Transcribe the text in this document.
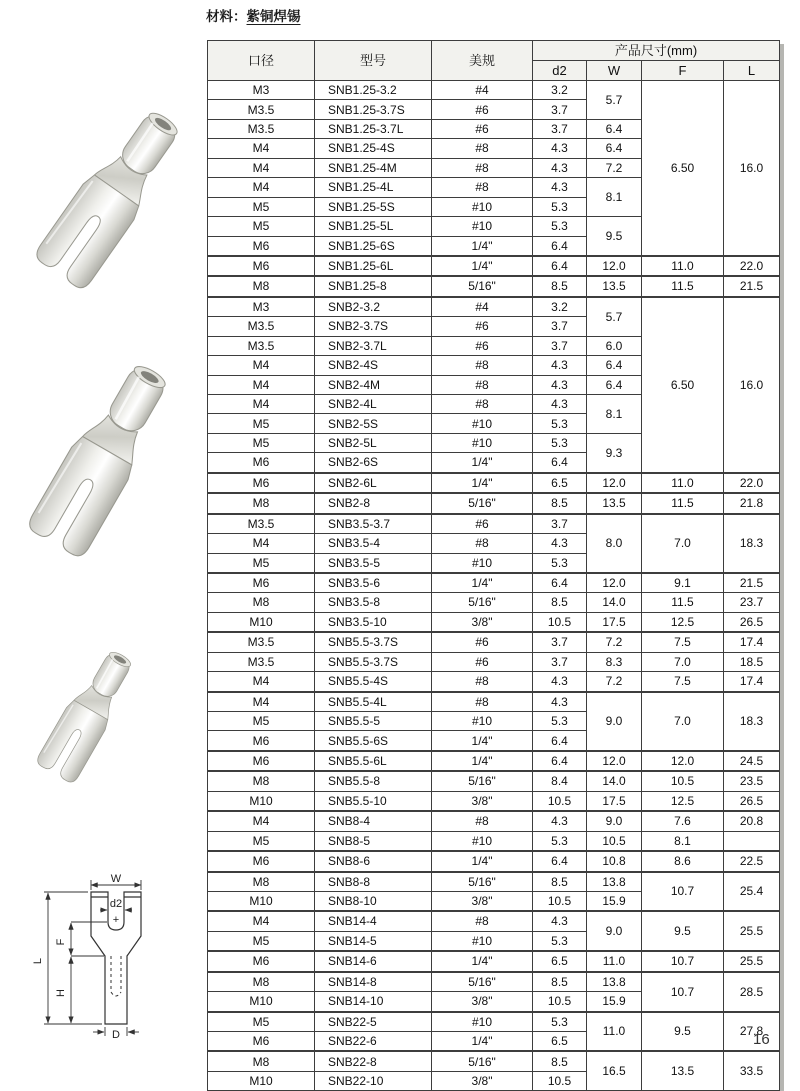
材料：紫铜焊锡
W
d2
+
L
F
H
D
口径	型号	美规	产品尺寸(mm)			
			d2	W	F	L
M3	SNB1.25-3.2	#4	3.2	5.7	6.50	16.0
M3.5	SNB1.25-3.7S	#6	3.7			
M3.5	SNB1.25-3.7L	#6	3.7	6.4		
M4	SNB1.25-4S	#8	4.3	6.4		
M4	SNB1.25-4M	#8	4.3	7.2		
M4	SNB1.25-4L	#8	4.3	8.1		
M5	SNB1.25-5S	#10	5.3			
M5	SNB1.25-5L	#10	5.3	9.5		
M6	SNB1.25-6S	1/4"	6.4			
M6	SNB1.25-6L	1/4"	6.4	12.0	11.0	22.0
M8	SNB1.25-8	5/16"	8.5	13.5	11.5	21.5
M3	SNB2-3.2	#4	3.2	5.7	6.50	16.0
M3.5	SNB2-3.7S	#6	3.7			
M3.5	SNB2-3.7L	#6	3.7	6.0		
M4	SNB2-4S	#8	4.3	6.4		
M4	SNB2-4M	#8	4.3	6.4		
M4	SNB2-4L	#8	4.3	8.1		
M5	SNB2-5S	#10	5.3			
M5	SNB2-5L	#10	5.3	9.3		
M6	SNB2-6S	1/4"	6.4			
M6	SNB2-6L	1/4"	6.5	12.0	11.0	22.0
M8	SNB2-8	5/16"	8.5	13.5	11.5	21.8
M3.5	SNB3.5-3.7	#6	3.7	8.0	7.0	18.3
M4	SNB3.5-4	#8	4.3			
M5	SNB3.5-5	#10	5.3			
M6	SNB3.5-6	1/4"	6.4	12.0	9.1	21.5
M8	SNB3.5-8	5/16"	8.5	14.0	11.5	23.7
M10	SNB3.5-10	3/8"	10.5	17.5	12.5	26.5
M3.5	SNB5.5-3.7S	#6	3.7	7.2	7.5	17.4
M3.5	SNB5.5-3.7S	#6	3.7	8.3	7.0	18.5
M4	SNB5.5-4S	#8	4.3	7.2	7.5	17.4
M4	SNB5.5-4L	#8	4.3	9.0	7.0	18.3
M5	SNB5.5-5	#10	5.3			
M6	SNB5.5-6S	1/4"	6.4			
M6	SNB5.5-6L	1/4"	6.4	12.0	12.0	24.5
M8	SNB5.5-8	5/16"	8.4	14.0	10.5	23.5
M10	SNB5.5-10	3/8"	10.5	17.5	12.5	26.5
M4	SNB8-4	#8	4.3	9.0	7.6	20.8
M5	SNB8-5	#10	5.3	10.5	8.1	
M6	SNB8-6	1/4"	6.4	10.8	8.6	22.5
M8	SNB8-8	5/16"	8.5	13.8	10.7	25.4
M10	SNB8-10	3/8"	10.5	15.9		
M4	SNB14-4	#8	4.3	9.0	9.5	25.5
M5	SNB14-5	#10	5.3			
M6	SNB14-6	1/4"	6.5	11.0	10.7	25.5
M8	SNB14-8	5/16"	8.5	13.8	10.7	28.5
M10	SNB14-10	3/8"	10.5	15.9		
M5	SNB22-5	#10	5.3	11.0	9.5	27.8
M6	SNB22-6	1/4"	6.5			
M8	SNB22-8	5/16"	8.5	16.5	13.5	33.5
M10	SNB22-10	3/8"	10.5			
16
